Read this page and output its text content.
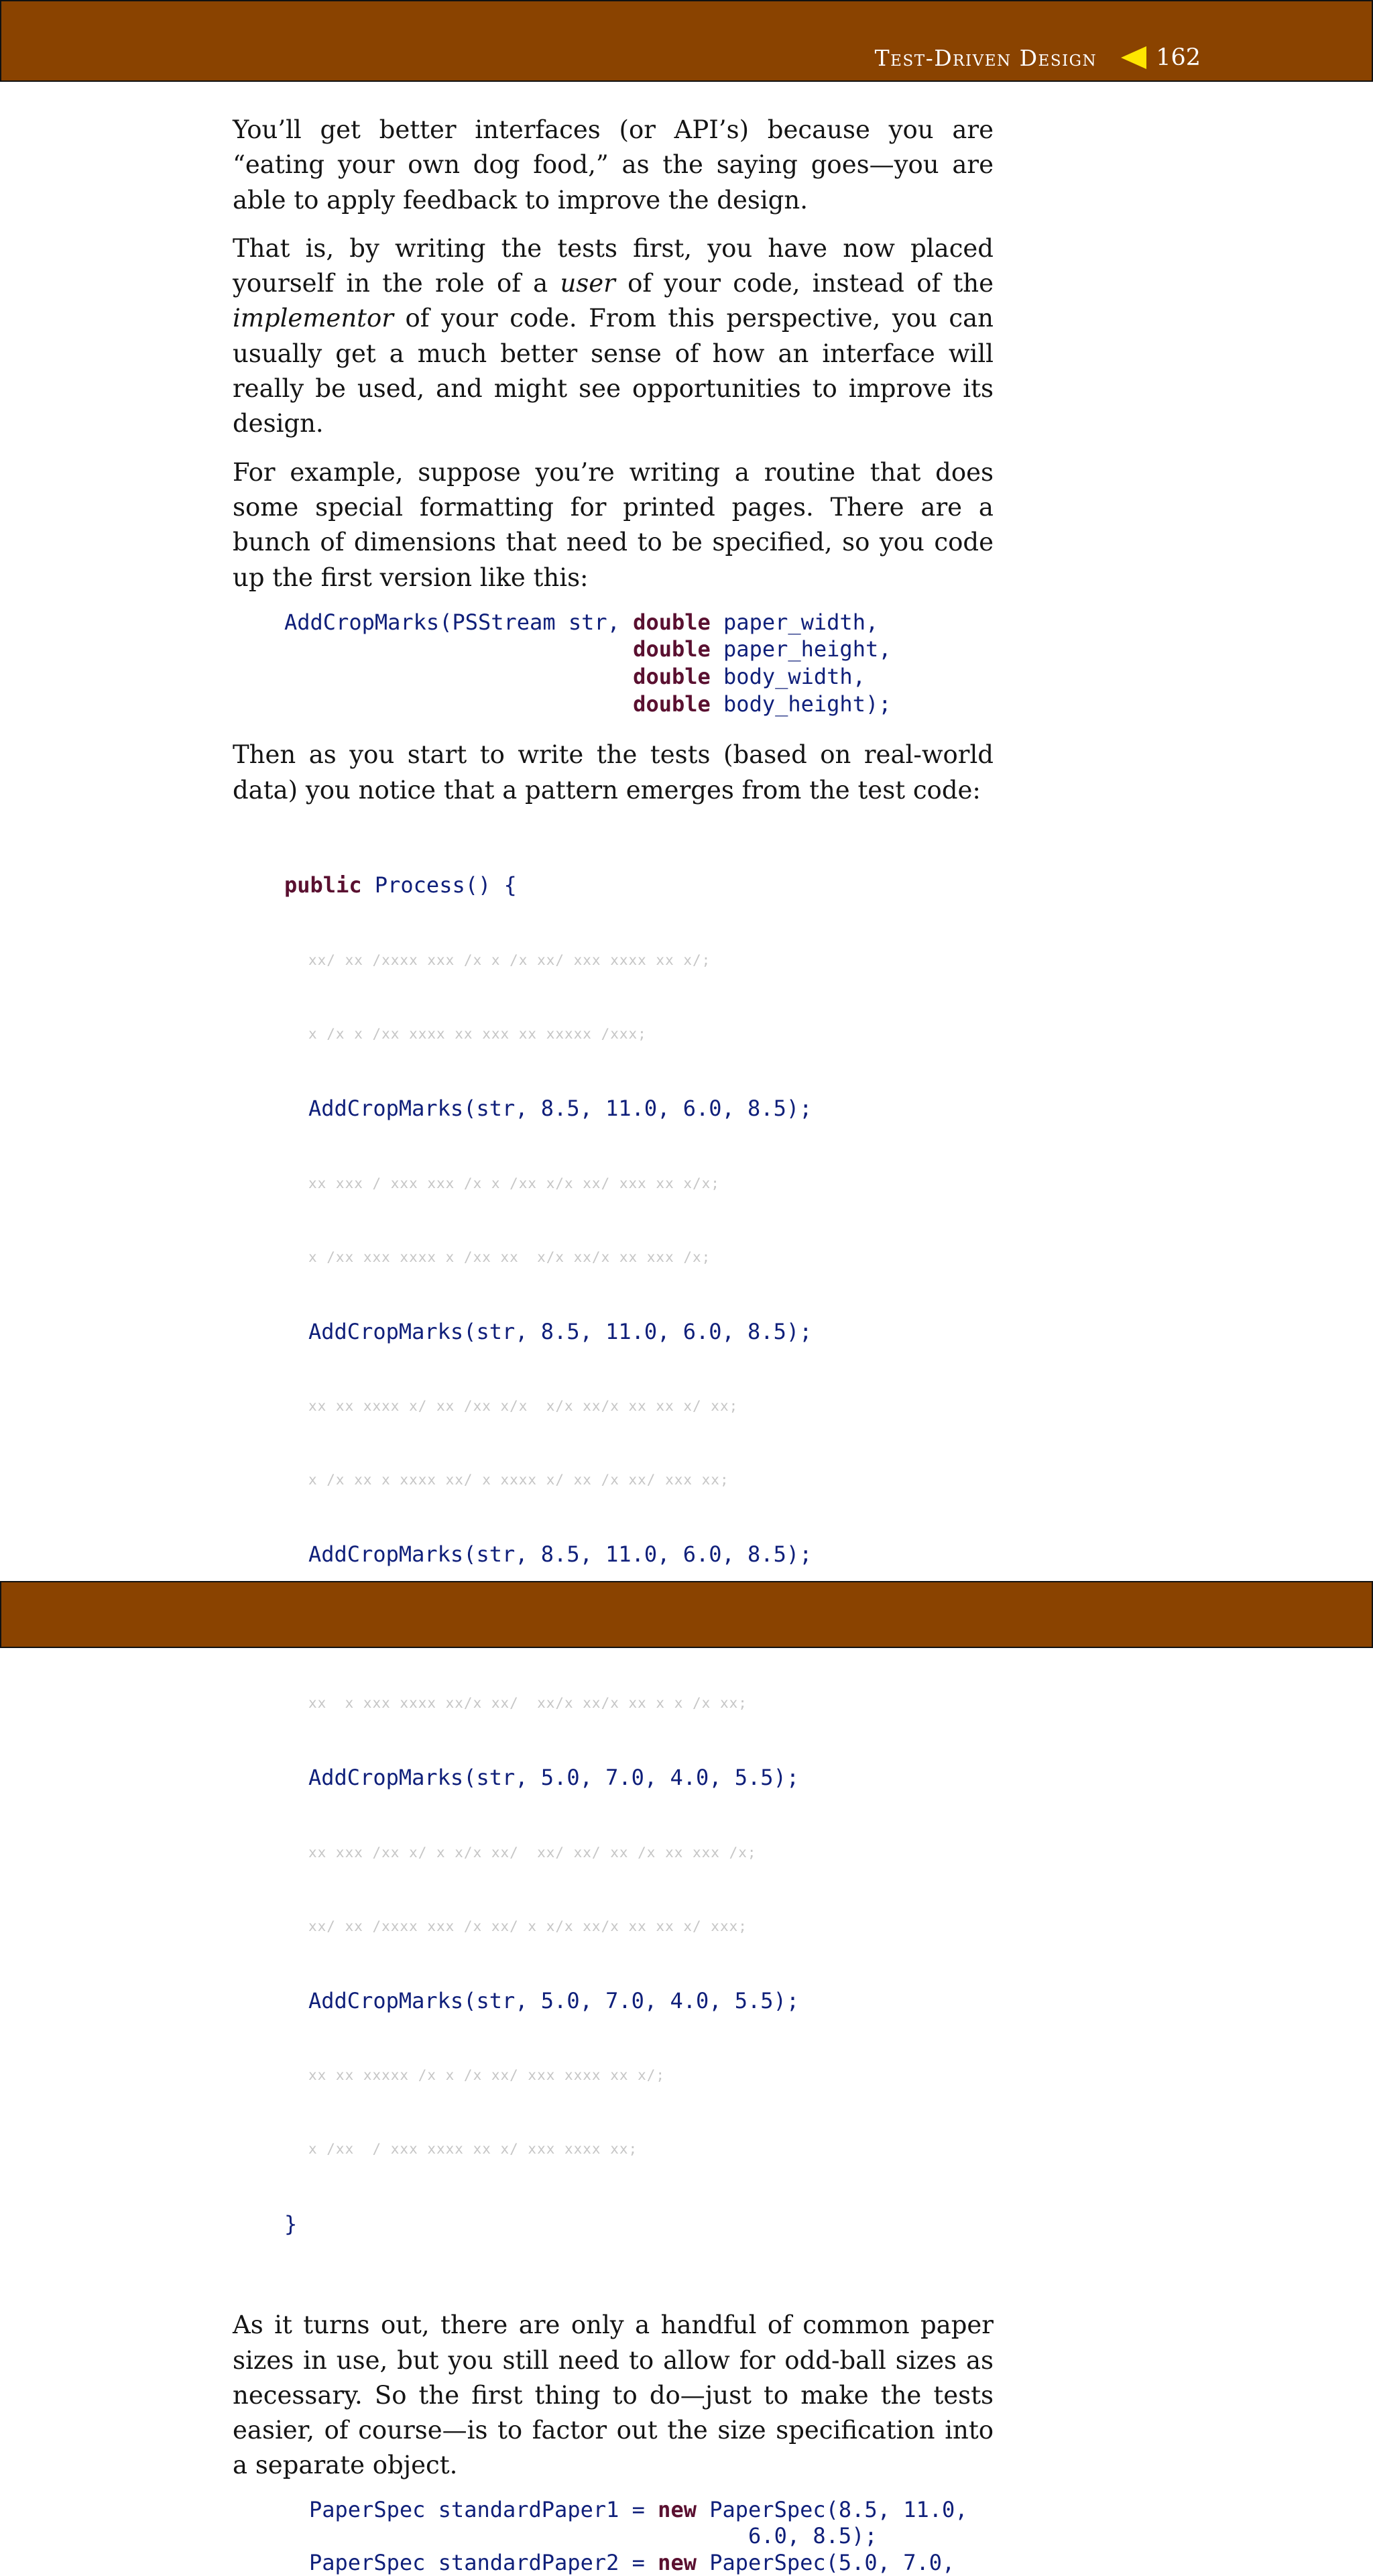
Test-Driven Design	162

You’ll get better interfaces (or API’s) because you are “eating your own dog food,” as the saying goes—you are able to apply feedback to improve the design.

That is, by writing the tests first, you have now placed yourself in the role of a user of your code, instead of the implementor of your code. From this perspective, you can usually get a much better sense of how an interface will really be used, and might see opportunities to improve its design.

For example, suppose you’re writing a routine that does some special formatting for printed pages. There are a bunch of dimensions that need to be specified, so you code up the first version like this:

AddCropMarks(PSStream str, double paper_width,
double paper_height,
double body_width,
double body_height);

Then as you start to write the tests (based on real-world data) you notice that a pattern emerges from the test code:

public Process() {

xx/ xx /xxxx xxx /x x /x xx/ xxx xxxx xx x/;

x /x x /xx xxxx xx xxx xx xxxxx /xxx;

AddCropMarks(str, 8.5, 11.0, 6.0, 8.5);

xx xxx / xxx xxx /x x /xx x/x xx/ xxx xx x/x;

x /xx xxx xxxx x /xx xx  x/x xx/x xx xxx /x;

AddCropMarks(str, 8.5, 11.0, 6.0, 8.5);

xx xx xxxx x/ xx /xx x/x  x/x xx/x xx xx x/ xx;

x /x xx x xxxx xx/ x xxxx x/ xx /x xx/ xxx xx;

AddCropMarks(str, 8.5, 11.0, 6.0, 8.5);

xx  x xxx xxxx xx/x xx/  xx/x xx/x xx x x /x xx;

AddCropMarks(str, 5.0, 7.0, 4.0, 5.5);

xx xxx /xx x/ x x/x xx/  xx/ xx/ xx /x xx xxx /x;

xx/ xx /xxxx xxx /x xx/ x x/x xx/x xx xx x/ xxx;

AddCropMarks(str, 5.0, 7.0, 4.0, 5.5);

xx xx xxxxx /x x /x xx/ xxx xxxx xx x/;

x /xx  / xxx xxxx xx x/ xxx xxxx xx;

}

As it turns out, there are only a handful of common paper sizes in use, but you still need to allow for odd-ball sizes as necessary. So the first thing to do—just to make the tests easier, of course—is to factor out the size specification into a separate object.

PaperSpec standardPaper1 = new PaperSpec(8.5, 11.0,
6.0, 8.5);
PaperSpec standardPaper2 = new PaperSpec(5.0, 7.0,
